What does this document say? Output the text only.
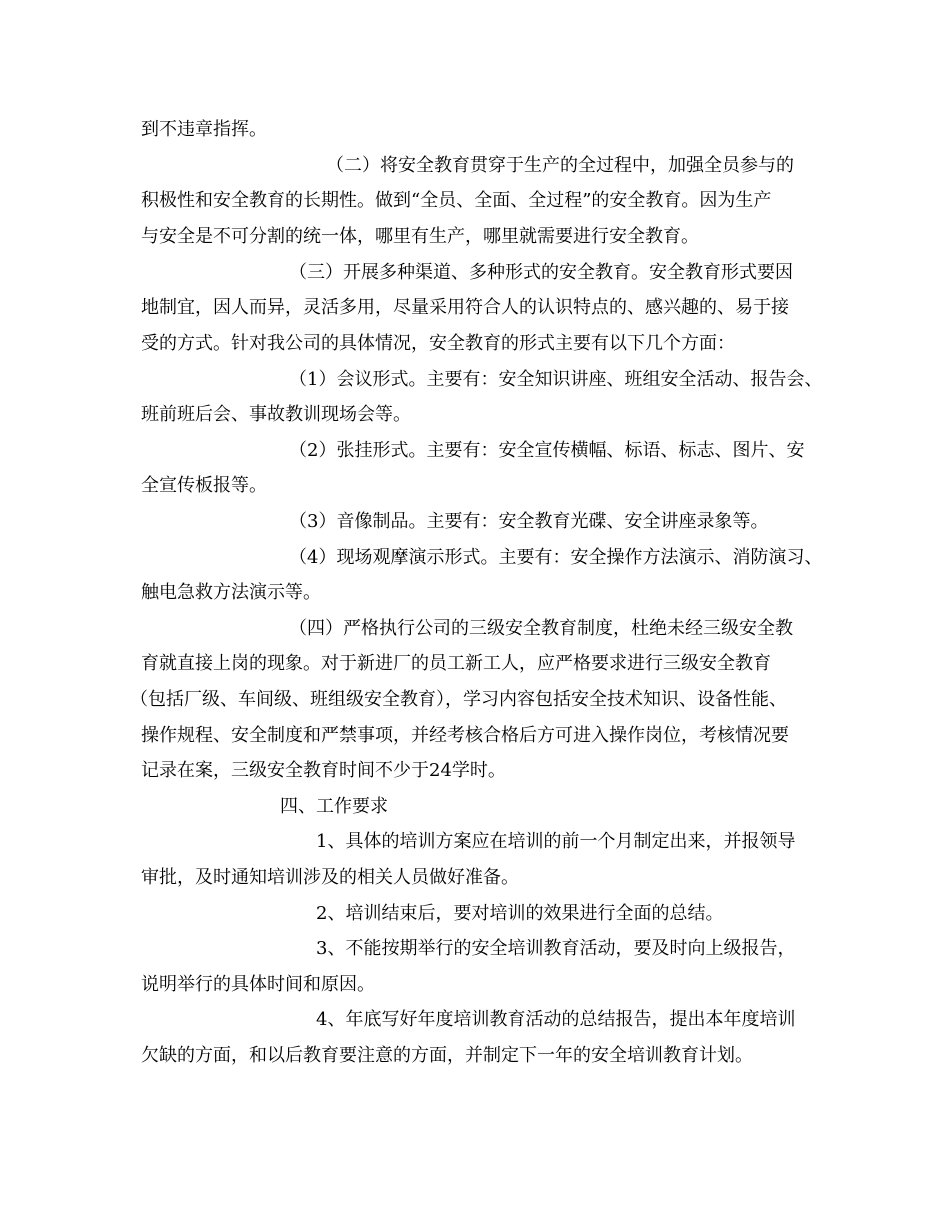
到不违章指挥。
（二）将安全教育贯穿于生产的全过程中，加强全员参与的
积极性和安全教育的长期性。做到“全员、全面、全过程”的安全教育。因为生产
与安全是不可分割的统一体，哪里有生产，哪里就需要进行安全教育。
（三）开展多种渠道、多种形式的安全教育。安全教育形式要因
地制宜，因人而异，灵活多用，尽量采用符合人的认识特点的、感兴趣的、易于接
受的方式。针对我公司的具体情况，安全教育的形式主要有以下几个方面：
（1）会议形式。主要有：安全知识讲座、班组安全活动、报告会、
班前班后会、事故教训现场会等。
（2）张挂形式。主要有：安全宣传横幅、标语、标志、图片、安
全宣传板报等。
（3）音像制品。主要有：安全教育光碟、安全讲座录象等。
（4）现场观摩演示形式。主要有：安全操作方法演示、消防演习、
触电急救方法演示等。
（四）严格执行公司的三级安全教育制度，杜绝未经三级安全教
育就直接上岗的现象。对于新进厂的员工新工人，应严格要求进行三级安全教育
（包括厂级、车间级、班组级安全教育），学习内容包括安全技术知识、设备性能、
操作规程、安全制度和严禁事项，并经考核合格后方可进入操作岗位，考核情况要
记录在案，三级安全教育时间不少于24学时。
四、工作要求
1、具体的培训方案应在培训的前一个月制定出来，并报领导
审批，及时通知培训涉及的相关人员做好准备。
2、培训结束后，要对培训的效果进行全面的总结。
3、不能按期举行的安全培训教育活动，要及时向上级报告，
说明举行的具体时间和原因。
4、年底写好年度培训教育活动的总结报告，提出本年度培训
欠缺的方面，和以后教育要注意的方面，并制定下一年的安全培训教育计划。
